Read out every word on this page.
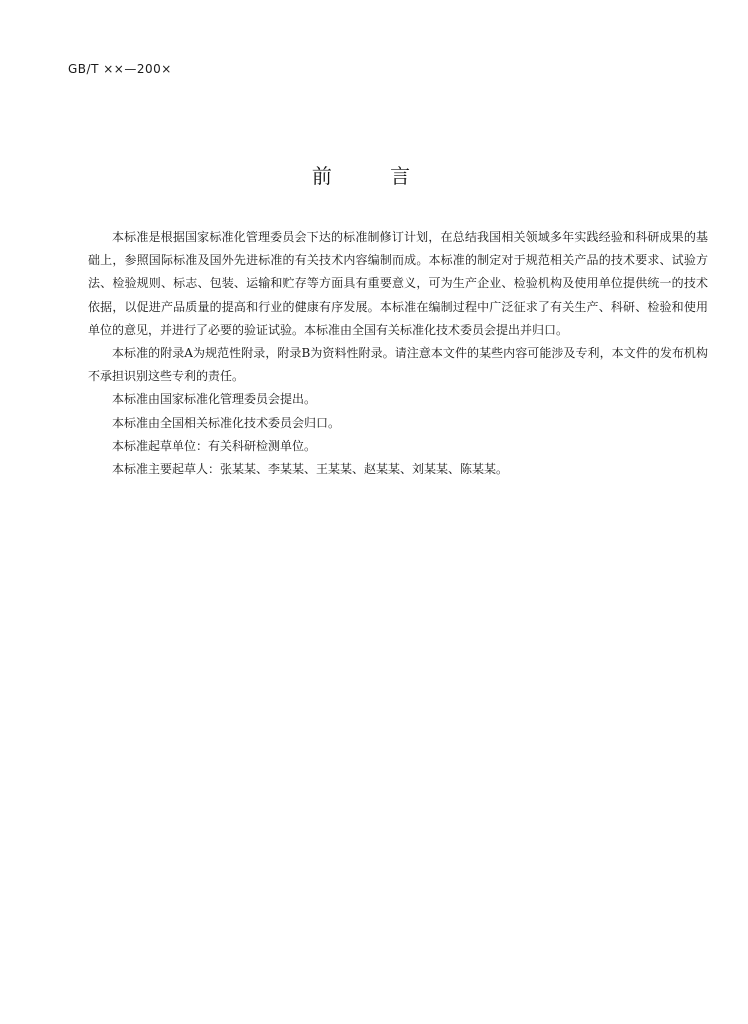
GB/T ××—200×
前 言

本标准是根据国家标准化管理委员会下达的标准制修订计划，在总结我国相关领域多年实践经验和科研成果的基础上，参照国际标准及国外先进标准的有关技术内容编制而成。本标准的制定对于规范相关产品的技术要求、试验方法、检验规则、标志、包装、运输和贮存等方面具有重要意义，可为生产企业、检验机构及使用单位提供统一的技术依据，以促进产品质量的提高和行业的健康有序发展。本标准在编制过程中广泛征求了有关生产、科研、检验和使用单位的意见，并进行了必要的验证试验。本标准由全国有关标准化技术委员会提出并归口。

本标准的附录A为规范性附录，附录B为资料性附录。请注意本文件的某些内容可能涉及专利，本文件的发布机构不承担识别这些专利的责任。

本标准由国家标准化管理委员会提出。

本标准由全国相关标准化技术委员会归口。

本标准起草单位：有关科研检测单位。

本标准主要起草人：张某某、李某某、王某某、赵某某、刘某某、陈某某。
